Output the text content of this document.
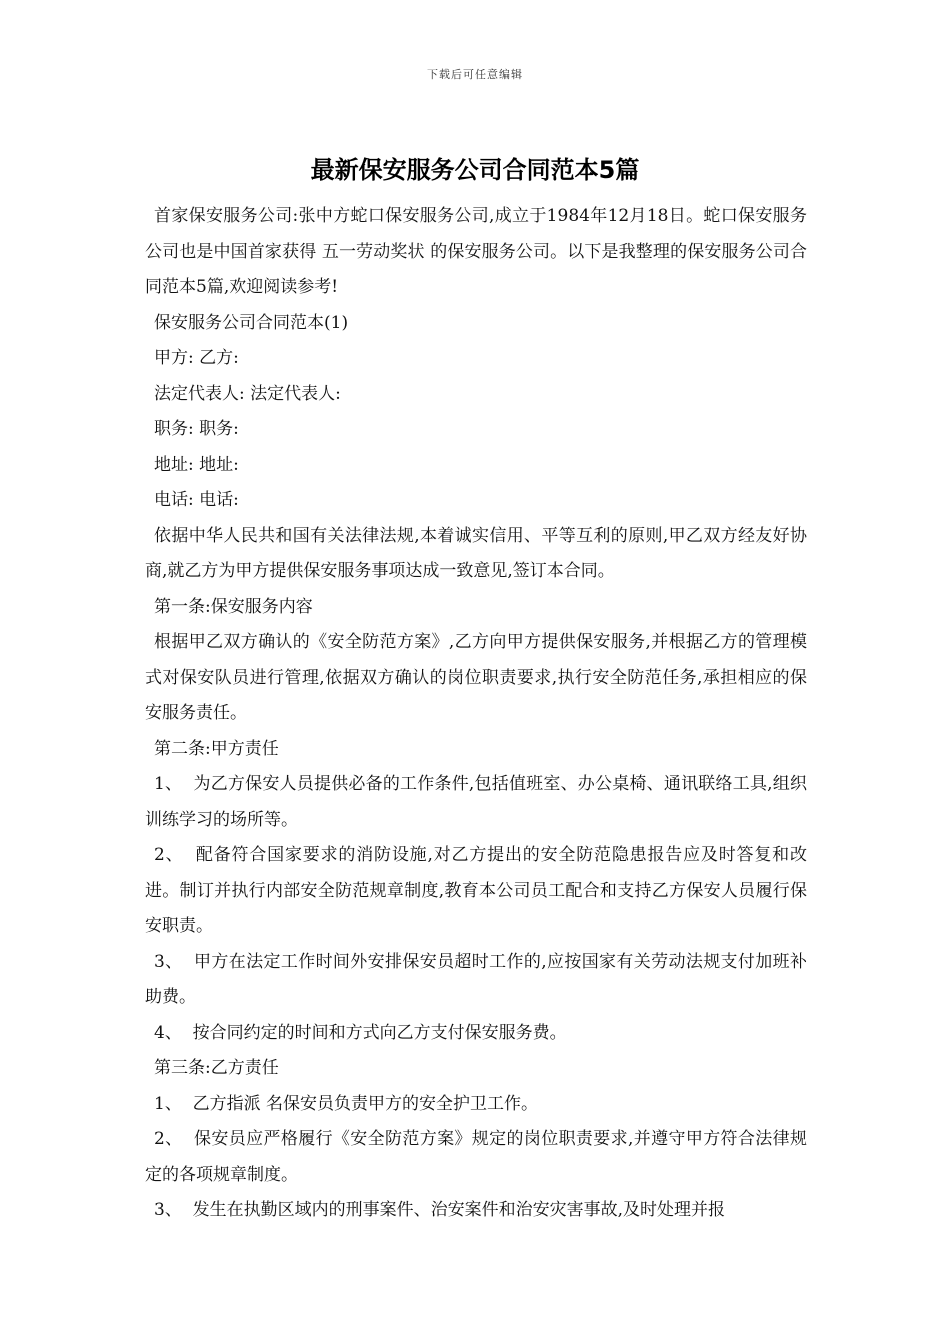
下载后可任意编辑
最新保安服务公司合同范本5篇

首家保安服务公司:张中方蛇口保安服务公司,成立于1984年12月18日。蛇口保安服务公司也是中国首家获得 五一劳动奖状 的保安服务公司。以下是我整理的保安服务公司合同范本5篇,欢迎阅读参考!

保安服务公司合同范本(1)

甲方: 乙方:

法定代表人: 法定代表人:

职务: 职务:

地址: 地址:

电话: 电话:

依据中华人民共和国有关法律法规,本着诚实信用、平等互利的原则,甲乙双方经友好协商,就乙方为甲方提供保安服务事项达成一致意见,签订本合同。

第一条:保安服务内容

根据甲乙双方确认的《安全防范方案》,乙方向甲方提供保安服务,并根据乙方的管理模式对保安队员进行管理,依据双方确认的岗位职责要求,执行安全防范任务,承担相应的保安服务责任。

第二条:甲方责任

1、  为乙方保安人员提供必备的工作条件,包括值班室、办公桌椅、通讯联络工具,组织训练学习的场所等。

2、  配备符合国家要求的消防设施,对乙方提出的安全防范隐患报告应及时答复和改进。制订并执行内部安全防范规章制度,教育本公司员工配合和支持乙方保安人员履行保安职责。

3、  甲方在法定工作时间外安排保安员超时工作的,应按国家有关劳动法规支付加班补助费。

4、  按合同约定的时间和方式向乙方支付保安服务费。

第三条:乙方责任

1、  乙方指派 名保安员负责甲方的安全护卫工作。

2、  保安员应严格履行《安全防范方案》规定的岗位职责要求,并遵守甲方符合法律规定的各项规章制度。

3、  发生在执勤区域内的刑事案件、治安案件和治安灾害事故,及时处理并报
